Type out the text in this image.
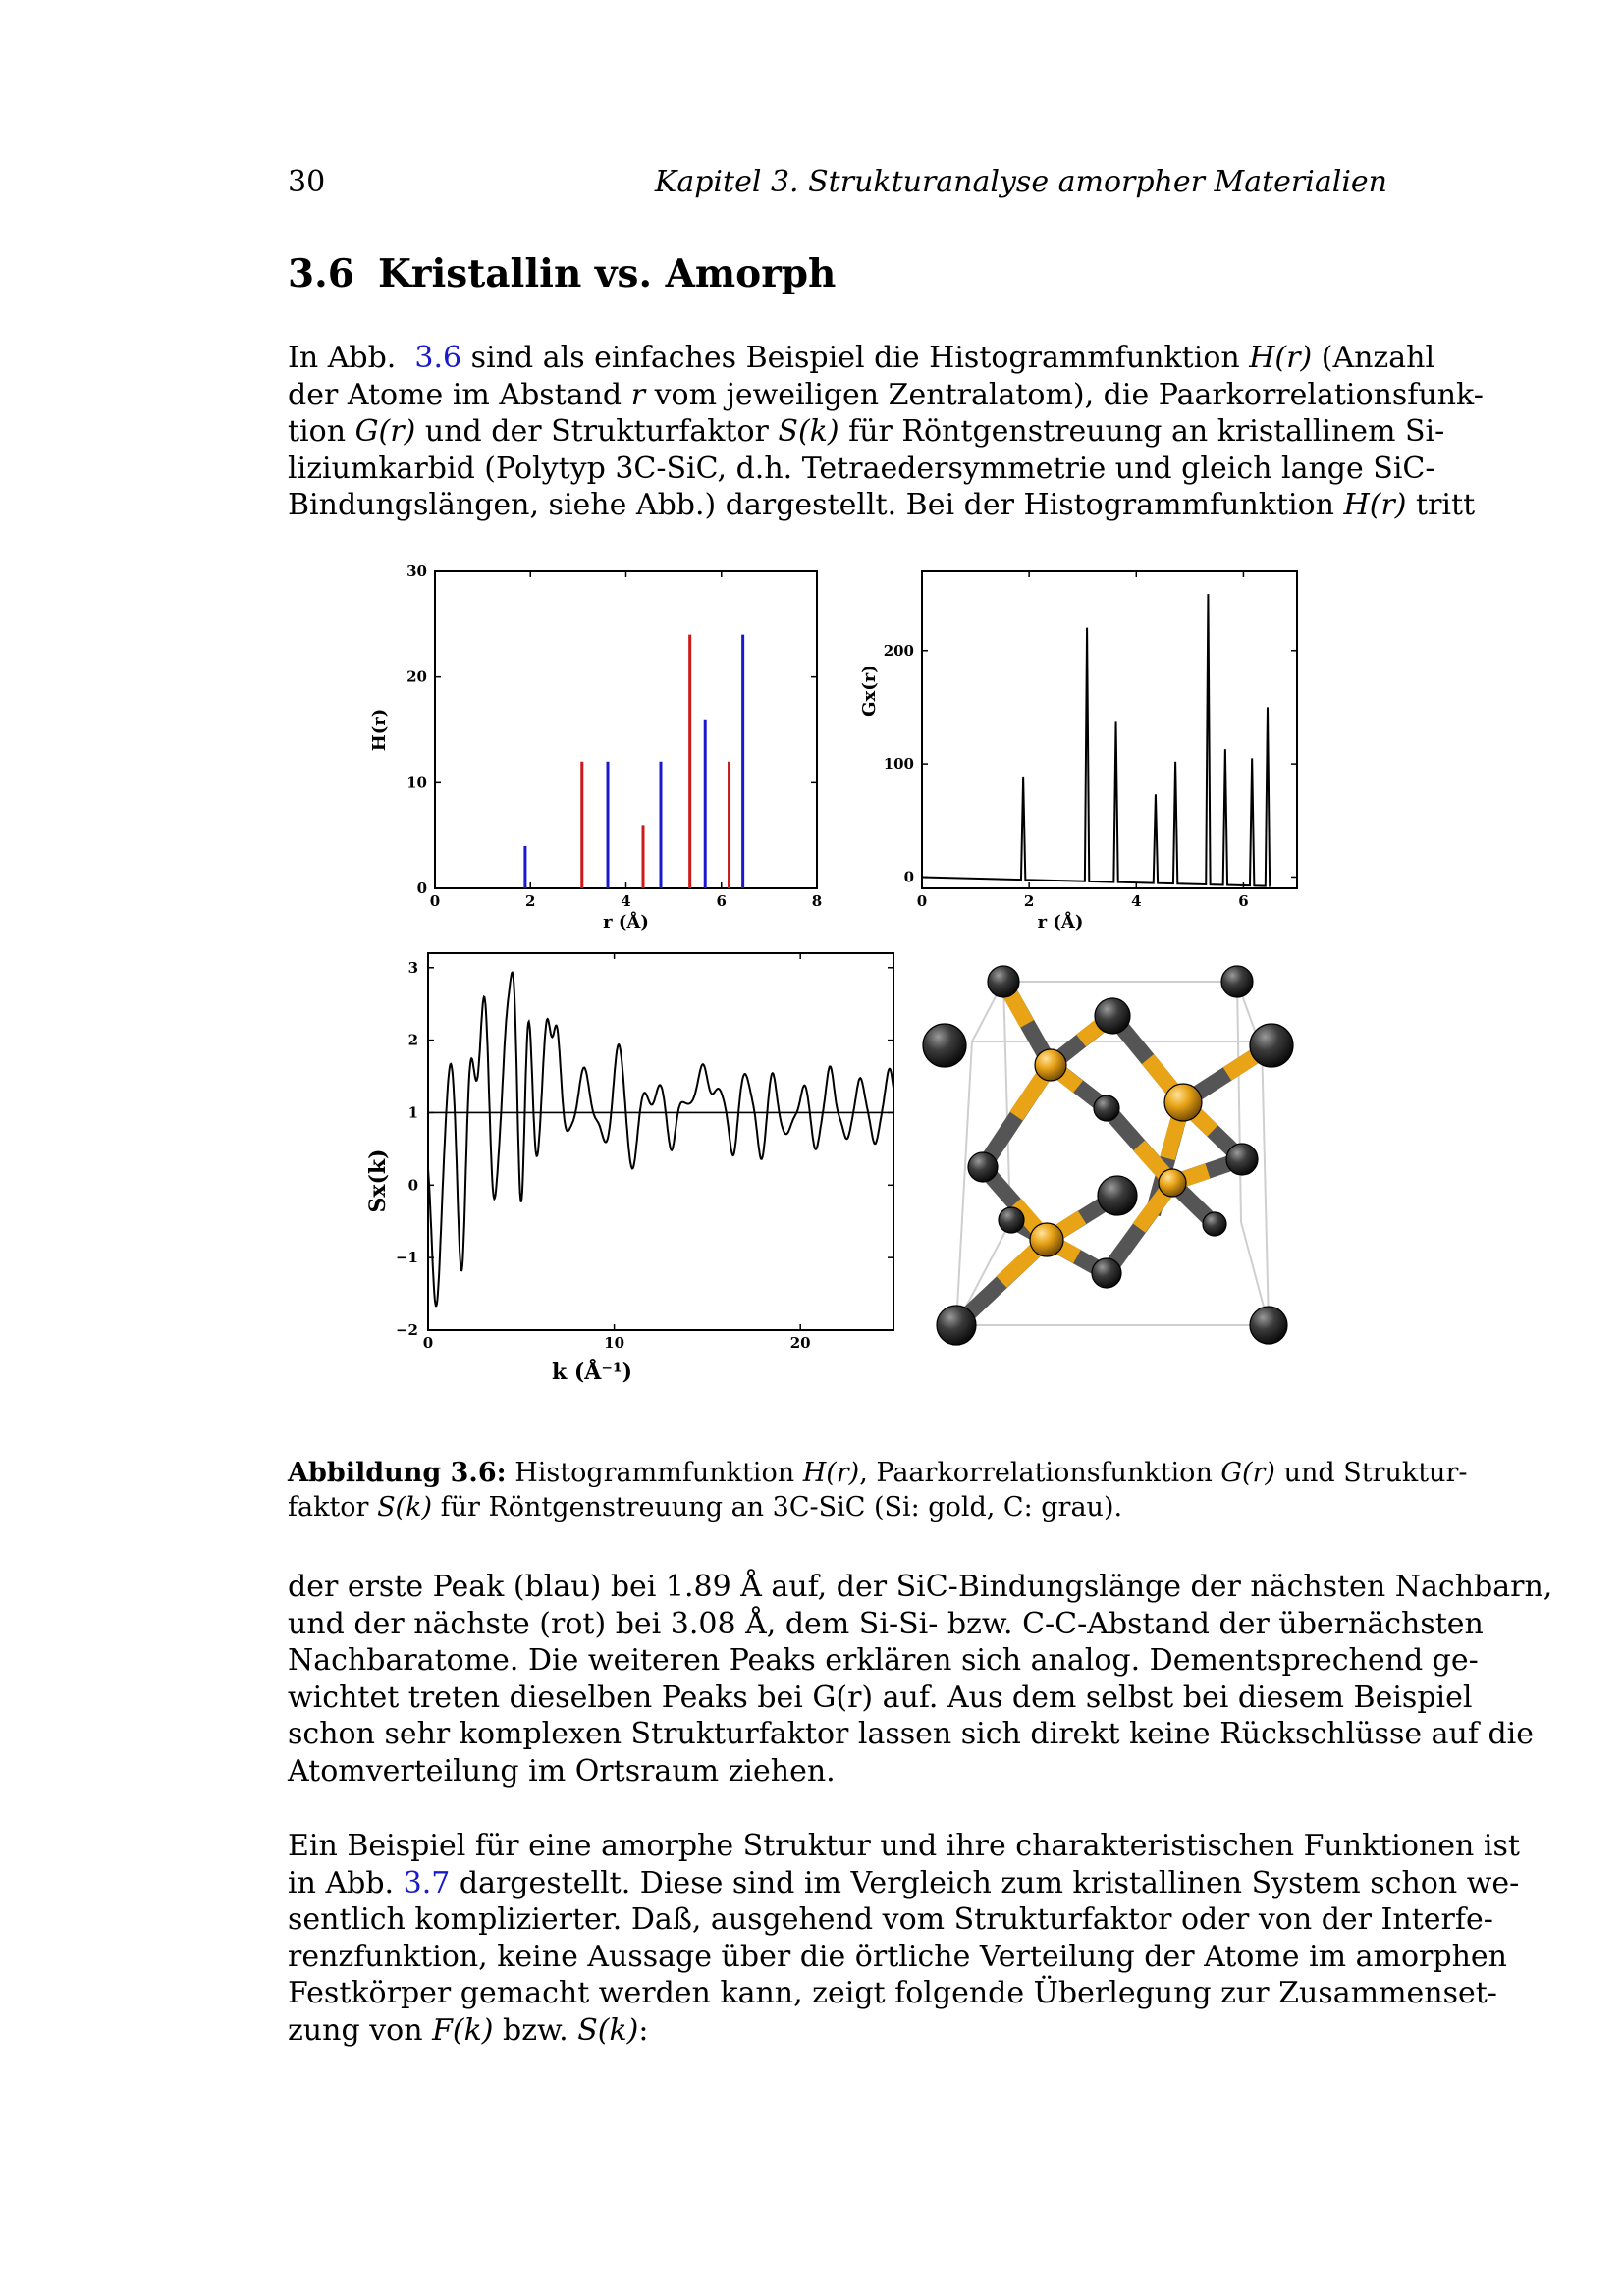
30	Kapitel 3. Strukturanalyse amorpher Materialien
3.6 Kristallin vs. Amorph
In Abb. 3.6 sind als einfaches Beispiel die Histogrammfunktion H(r) (Anzahl
der Atome im Abstand r vom jeweiligen Zentralatom), die Paarkorrelationsfunk-
tion G(r) und der Strukturfaktor S(k) für Röntgenstreuung an kristallinem Si-
liziumkarbid (Polytyp 3C-SiC, d.h. Tetraedersymmetrie und gleich lange SiC-
Bindungslängen, siehe Abb.) dargestellt. Bei der Histogrammfunktion H(r) tritt
0	2	4	6	8
0
10
20
30
r (Å)
H(r)
0	2	4	6
0
100
200
r (Å)
Gx(r)
0	10	20
−2
−1
0
1
2
3
k (Å⁻¹)
Sx(k)
Abbildung 3.6: Histogrammfunktion H(r), Paarkorrelationsfunktion G(r) und Struktur-
faktor S(k) für Röntgenstreuung an 3C-SiC (Si: gold, C: grau).
der erste Peak (blau) bei 1.89 Å auf, der SiC-Bindungslänge der nächsten Nachbarn,
und der nächste (rot) bei 3.08 Å, dem Si-Si- bzw. C-C-Abstand der übernächsten
Nachbaratome. Die weiteren Peaks erklären sich analog. Dementsprechend ge-
wichtet treten dieselben Peaks bei G(r) auf. Aus dem selbst bei diesem Beispiel
schon sehr komplexen Strukturfaktor lassen sich direkt keine Rückschlüsse auf die
Atomverteilung im Ortsraum ziehen.
Ein Beispiel für eine amorphe Struktur und ihre charakteristischen Funktionen ist
in Abb. 3.7 dargestellt. Diese sind im Vergleich zum kristallinen System schon we-
sentlich komplizierter. Daß, ausgehend vom Strukturfaktor oder von der Interfe-
renzfunktion, keine Aussage über die örtliche Verteilung der Atome im amorphen
Festkörper gemacht werden kann, zeigt folgende Überlegung zur Zusammenset-
zung von F(k) bzw. S(k):
